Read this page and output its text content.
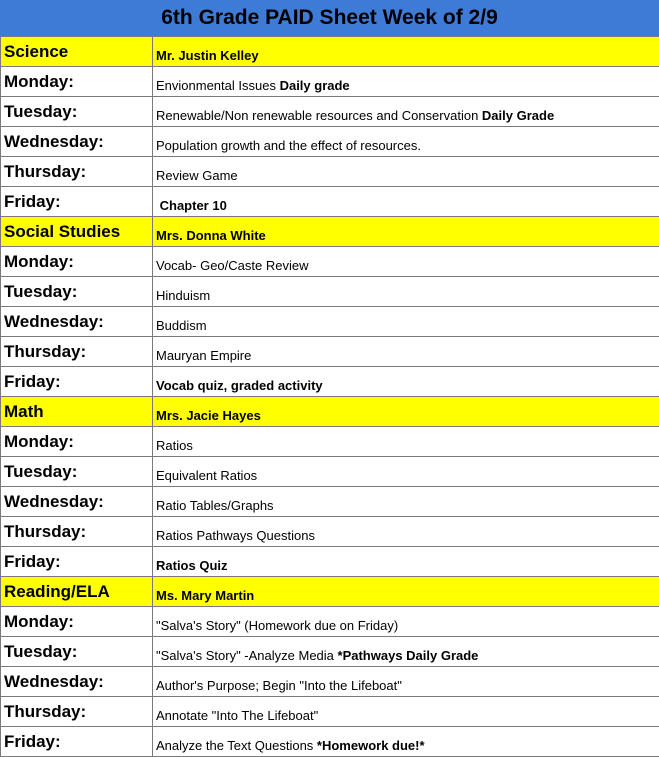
6th Grade PAID Sheet Week of 2/9
Science	Mr. Justin Kelley
Monday:	Envionmental Issues Daily grade
Tuesday:	Renewable/Non renewable resources and Conservation Daily Grade
Wednesday:	Population growth and the effect of resources.
Thursday:	Review Game
Friday:	Chapter 10
Social Studies	Mrs. Donna White
Monday:	Vocab- Geo/Caste Review
Tuesday:	Hinduism
Wednesday:	Buddism
Thursday:	Mauryan Empire
Friday:	Vocab quiz, graded activity
Math	Mrs. Jacie Hayes
Monday:	Ratios
Tuesday:	Equivalent Ratios
Wednesday:	Ratio Tables/Graphs
Thursday:	Ratios Pathways Questions
Friday:	Ratios Quiz
Reading/ELA	Ms. Mary Martin
Monday:	"Salva's Story" (Homework due on Friday)
Tuesday:	"Salva's Story" -Analyze Media *Pathways Daily Grade
Wednesday:	Author's Purpose; Begin "Into the Lifeboat"
Thursday:	Annotate "Into The Lifeboat"
Friday:	Analyze the Text Questions *Homework due!*
